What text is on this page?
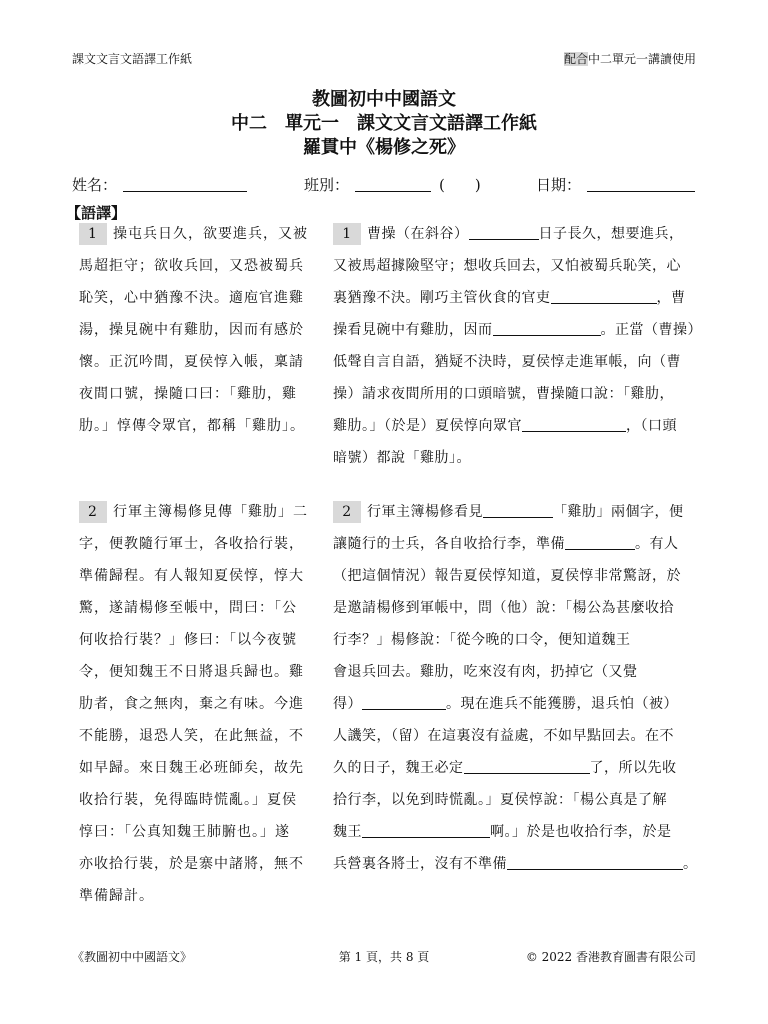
課文文言文語譯工作紙	配合中二單元一講讀使用
教圖初中中國語文
中二　單元一　課文文言文語譯工作紙
羅貫中《楊修之死》
姓名：	班別：	(　　)	日期：
【語譯】

1 操屯兵日久，欲要進兵，又被

馬超拒守；欲收兵回，又恐被蜀兵

恥笑，心中猶豫不決。適庖官進雞

湯，操見碗中有雞肋，因而有感於

懷。正沉吟間，夏侯惇入帳，稟請

夜間口號，操隨口曰：「雞肋，雞

肋。」惇傳令眾官，都稱「雞肋」。

2 行軍主簿楊修見傳「雞肋」二

字，便教隨行軍士，各收拾行裝，

準備歸程。有人報知夏侯惇，惇大

驚，遂請楊修至帳中，問曰：「公

何收拾行裝？」修曰：「以今夜號

令，便知魏王不日將退兵歸也。雞

肋者，食之無肉，棄之有味。今進

不能勝，退恐人笑，在此無益，不

如早歸。來日魏王必班師矣，故先

收拾行裝，免得臨時慌亂。」夏侯

惇曰：「公真知魏王肺腑也。」遂

亦收拾行裝，於是寨中諸將，無不

準備歸計。

1 曹操（在斜谷）	日子長久，想要進兵，

又被馬超據險堅守；想收兵回去，又怕被蜀兵恥笑，心

裏猶豫不決。剛巧主管伙食的官吏	，曹

操看見碗中有雞肋，因而	。正當（曹操）

低聲自言自語，猶疑不決時，夏侯惇走進軍帳，向（曹

操）請求夜間所用的口頭暗號，曹操隨口說：「雞肋，

雞肋。」（於是）夏侯惇向眾官	，（口頭

暗號）都說「雞肋」。

2 行軍主簿楊修看見	「雞肋」兩個字，便

讓隨行的士兵，各自收拾行李，準備	。有人

（把這個情況）報告夏侯惇知道，夏侯惇非常驚訝，於

是邀請楊修到軍帳中，問（他）說：「楊公為甚麼收拾

行李？」楊修說：「從今晚的口令，便知道魏王

會退兵回去。雞肋，吃來沒有肉，扔掉它（又覺

得）	。現在進兵不能獲勝，退兵怕（被）

人譏笑，（留）在這裏沒有益處，不如早點回去。在不

久的日子，魏王必定	了，所以先收

拾行李，以免到時慌亂。」夏侯惇說：「楊公真是了解

魏王	啊。」於是也收拾行李，於是

兵營裏各將士，沒有不準備	。

《教圖初中中國語文》	第 1 頁，共 8 頁	© 2022 香港教育圖書有限公司
